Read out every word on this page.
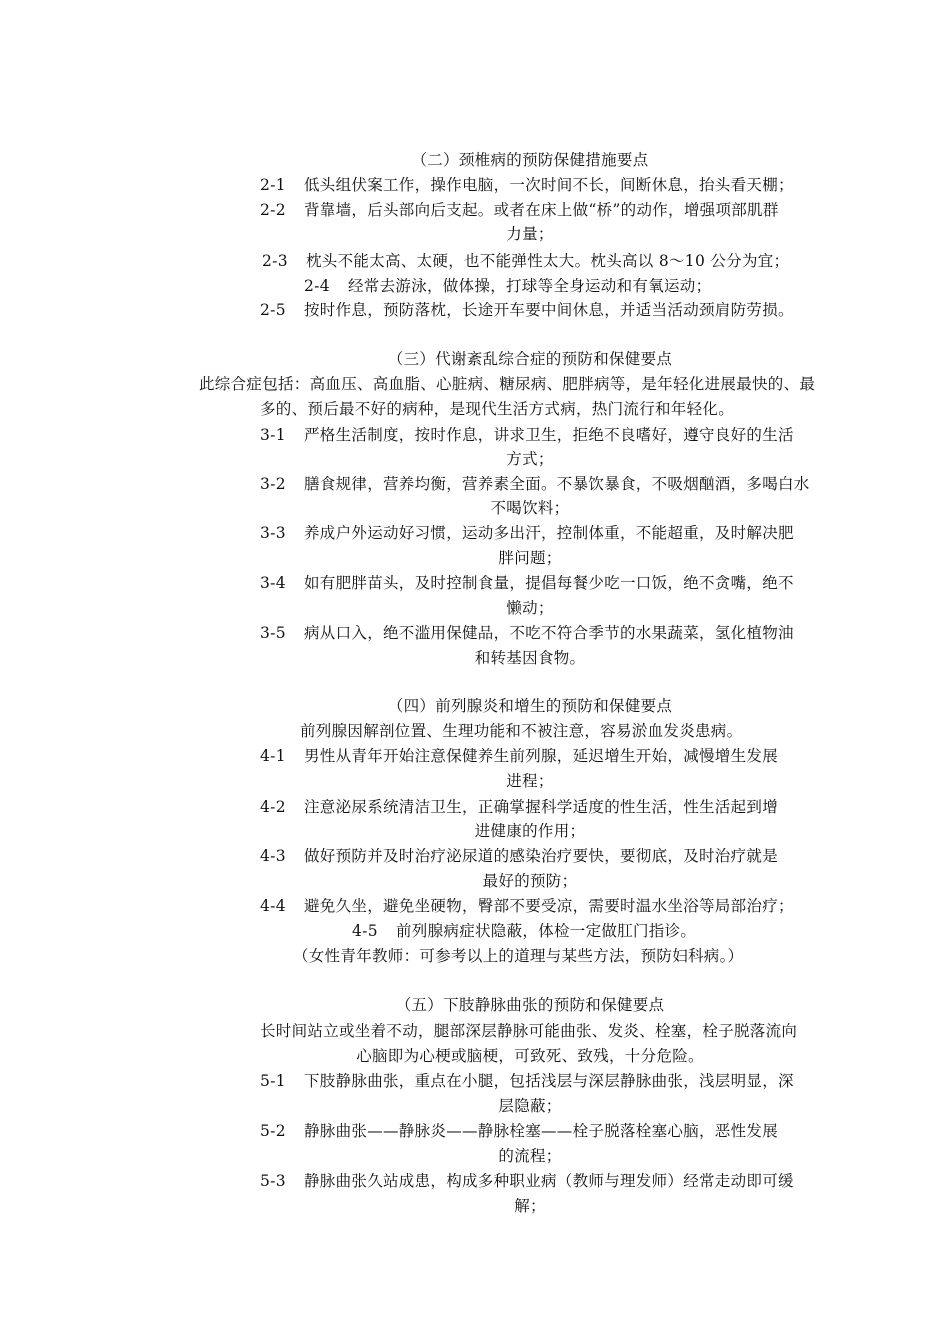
（二）颈椎病的预防保健措施要点
2-1 低头组伏案工作，操作电脑，一次时间不长，间断休息，抬头看天棚；
2-2 背靠墙，后头部向后支起。或者在床上做“桥”的动作，增强项部肌群
力量；
2-3 枕头不能太高、太硬，也不能弹性太大。枕头高以 8～10 公分为宜；
2-4 经常去游泳，做体操，打球等全身运动和有氧运动；
2-5 按时作息，预防落枕，长途开车要中间休息，并适当活动颈肩防劳损。
（三）代谢紊乱综合症的预防和保健要点
此综合症包括：高血压、高血脂、心脏病、糖尿病、肥胖病等，是年轻化进展最快的、最
多的、预后最不好的病种，是现代生活方式病，热门流行和年轻化。
3-1 严格生活制度，按时作息，讲求卫生，拒绝不良嗜好，遵守良好的生活
方式；
3-2 膳食规律，营养均衡，营养素全面。不暴饮暴食，不吸烟酗酒，多喝白水
不喝饮料；
3-3 养成户外运动好习惯，运动多出汗，控制体重，不能超重，及时解决肥
胖问题；
3-4 如有肥胖苗头，及时控制食量，提倡每餐少吃一口饭，绝不贪嘴，绝不
懒动；
3-5 病从口入，绝不滥用保健品，不吃不符合季节的水果蔬菜，氢化植物油
和转基因食物。
（四）前列腺炎和增生的预防和保健要点
前列腺因解剖位置、生理功能和不被注意，容易淤血发炎患病。
4-1 男性从青年开始注意保健养生前列腺，延迟增生开始，减慢增生发展
进程；
4-2 注意泌尿系统清洁卫生，正确掌握科学适度的性生活，性生活起到增
进健康的作用；
4-3 做好预防并及时治疗泌尿道的感染治疗要快，要彻底，及时治疗就是
最好的预防；
4-4 避免久坐，避免坐硬物，臀部不要受凉，需要时温水坐浴等局部治疗；
4-5 前列腺病症状隐蔽，体检一定做肛门指诊。
（女性青年教师：可参考以上的道理与某些方法，预防妇科病。）
（五）下肢静脉曲张的预防和保健要点
长时间站立或坐着不动，腿部深层静脉可能曲张、发炎、栓塞，栓子脱落流向
心脑即为心梗或脑梗，可致死、致残，十分危险。
5-1 下肢静脉曲张，重点在小腿，包括浅层与深层静脉曲张，浅层明显，深
层隐蔽；
5-2 静脉曲张——静脉炎——静脉栓塞——栓子脱落栓塞心脑，恶性发展
的流程；
5-3 静脉曲张久站成患，构成多种职业病（教师与理发师）经常走动即可缓
解；
